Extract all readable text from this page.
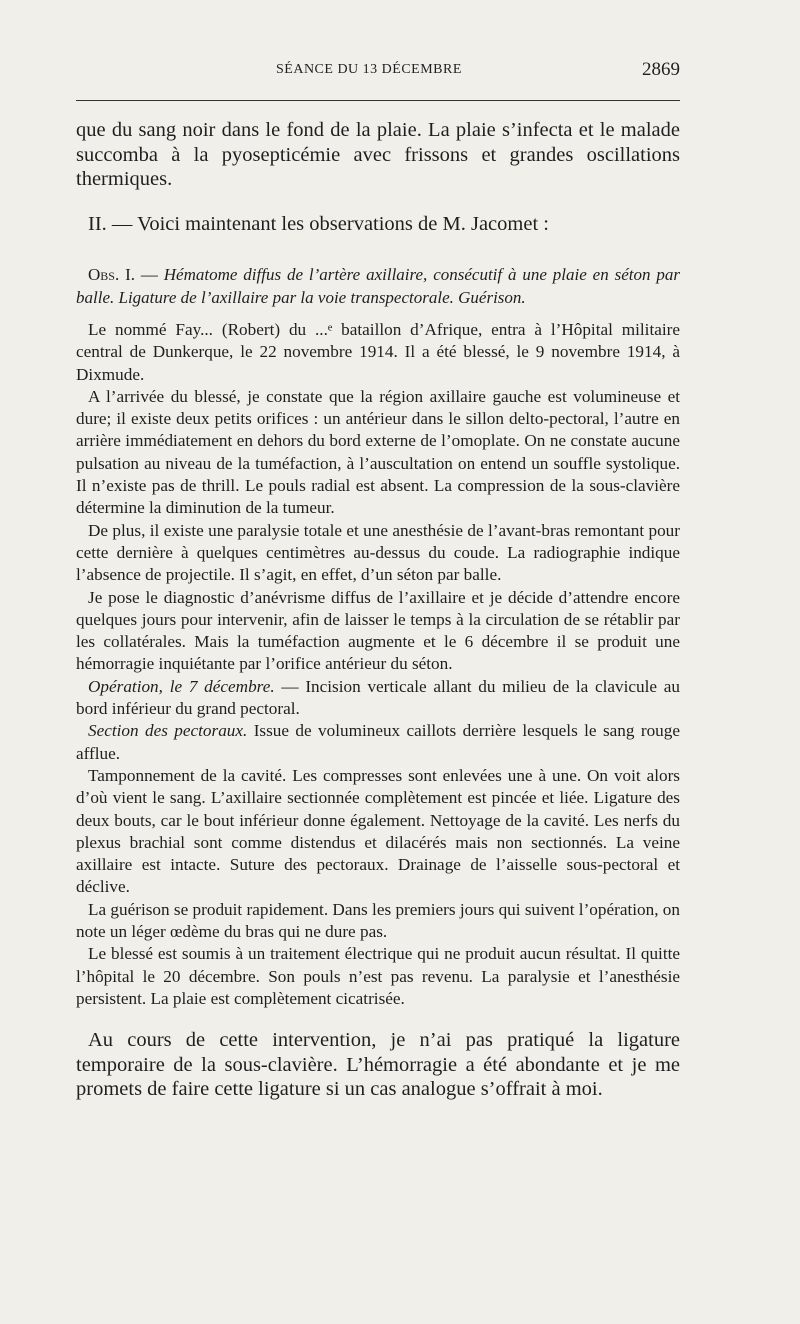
SÉANCE DU 13 DÉCEMBRE	2869

que du sang noir dans le fond de la plaie. La plaie s’infecta et le malade succomba à la pyosepticémie avec frissons et grandes oscillations thermiques.

II. — Voici maintenant les observations de M. Jacomet :

Obs. I. — Hématome diffus de l’artère axillaire, consécutif à une plaie en séton par balle. Ligature de l’axillaire par la voie transpectorale. Guérison.

Le nommé Fay... (Robert) du ...ᵉ bataillon d’Afrique, entra à l’Hôpital militaire central de Dunkerque, le 22 novembre 1914. Il a été blessé, le 9 novembre 1914, à Dixmude.

A l’arrivée du blessé, je constate que la région axillaire gauche est volumineuse et dure; il existe deux petits orifices : un antérieur dans le sillon delto-pectoral, l’autre en arrière immédiatement en dehors du bord externe de l’omoplate. On ne constate aucune pulsation au niveau de la tuméfaction, à l’auscultation on entend un souffle systolique. Il n’existe pas de thrill. Le pouls radial est absent. La compression de la sous-clavière détermine la diminution de la tumeur.

De plus, il existe une paralysie totale et une anesthésie de l’avant-bras remontant pour cette dernière à quelques centimètres au-dessus du coude. La radiographie indique l’absence de projectile. Il s’agit, en effet, d’un séton par balle.

Je pose le diagnostic d’anévrisme diffus de l’axillaire et je décide d’attendre encore quelques jours pour intervenir, afin de laisser le temps à la circulation de se rétablir par les collatérales. Mais la tuméfaction augmente et le 6 décembre il se produit une hémorragie inquiétante par l’orifice antérieur du séton.

Opération, le 7 décembre. — Incision verticale allant du milieu de la clavicule au bord inférieur du grand pectoral.

Section des pectoraux. Issue de volumineux caillots derrière lesquels le sang rouge afflue.

Tamponnement de la cavité. Les compresses sont enlevées une à une. On voit alors d’où vient le sang. L’axillaire sectionnée complètement est pincée et liée. Ligature des deux bouts, car le bout inférieur donne également. Nettoyage de la cavité. Les nerfs du plexus brachial sont comme distendus et dilacérés mais non sectionnés. La veine axillaire est intacte. Suture des pectoraux. Drainage de l’aisselle sous-pectoral et déclive.

La guérison se produit rapidement. Dans les premiers jours qui suivent l’opération, on note un léger œdème du bras qui ne dure pas.

Le blessé est soumis à un traitement électrique qui ne produit aucun résultat. Il quitte l’hôpital le 20 décembre. Son pouls n’est pas revenu. La paralysie et l’anesthésie persistent. La plaie est complètement cicatrisée.

Au cours de cette intervention, je n’ai pas pratiqué la ligature temporaire de la sous-clavière. L’hémorragie a été abondante et je me promets de faire cette ligature si un cas analogue s’offrait à moi.
